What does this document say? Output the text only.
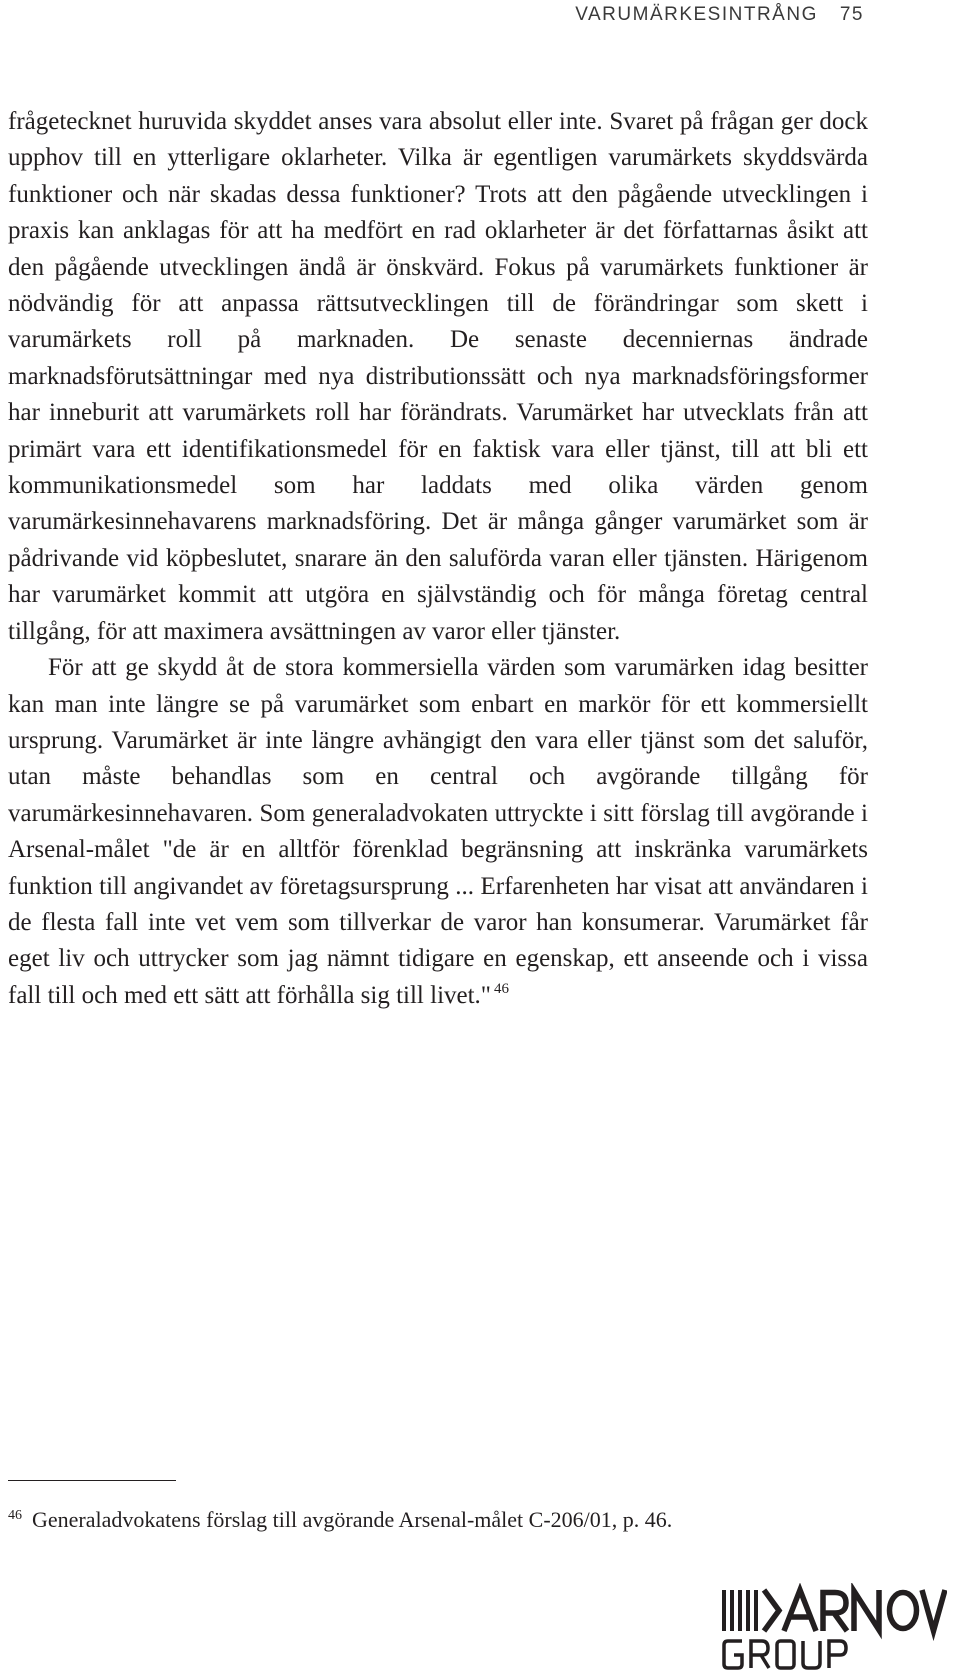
VARUMÄRKESINTRÅNG 75

frågetecknet huruvida skyddet anses vara absolut eller inte. Svaret på frågan ger dock upphov till en ytterligare oklarheter. Vilka är egentligen varumärkets skyddsvärda funktioner och när skadas dessa funktioner? Trots att den pågående utvecklingen i praxis kan anklagas för att ha medfört en rad oklarheter är det författarnas åsikt att den pågående utvecklingen ändå är önskvärd. Fokus på varumärkets funktioner är nödvändig för att anpassa rättsutvecklingen till de förändringar som skett i varumärkets roll på marknaden. De senaste decenniernas ändrade marknadsförutsättningar med nya distributionssätt och nya marknadsföringsformer har inneburit att varumärkets roll har förändrats. Varumärket har utvecklats från att primärt vara ett identifikationsmedel för en faktisk vara eller tjänst, till att bli ett kommunikationsmedel som har laddats med olika värden genom varumärkesinnehavarens marknadsföring. Det är många gånger varumärket som är pådrivande vid köpbeslutet, snarare än den saluförda varan eller tjänsten. Härigenom har varumärket kommit att utgöra en självständig och för många företag central tillgång, för att maximera avsättningen av varor eller tjänster.

För att ge skydd åt de stora kommersiella värden som varumärken idag besitter kan man inte längre se på varumärket som enbart en markör för ett kommersiellt ursprung. Varumärket är inte längre avhängigt den vara eller tjänst som det saluför, utan måste behandlas som en central och avgörande tillgång för varumärkesinnehavaren. Som generaladvokaten uttryckte i sitt förslag till avgörande i Arsenal-målet "de är en alltför förenklad begränsning att inskränka varumärkets funktion till angivandet av företagsursprung ... Erfarenheten har visat att användaren i de flesta fall inte vet vem som tillverkar de varor han konsumerar. Varumärket får eget liv och uttrycker som jag nämnt tidigare en egenskap, ett anseende och i vissa fall till och med ett sätt att förhålla sig till livet." $^{46}$

$^{46}$ Generaladvokatens förslag till avgörande Arsenal-målet C-206/01, p. 46.
